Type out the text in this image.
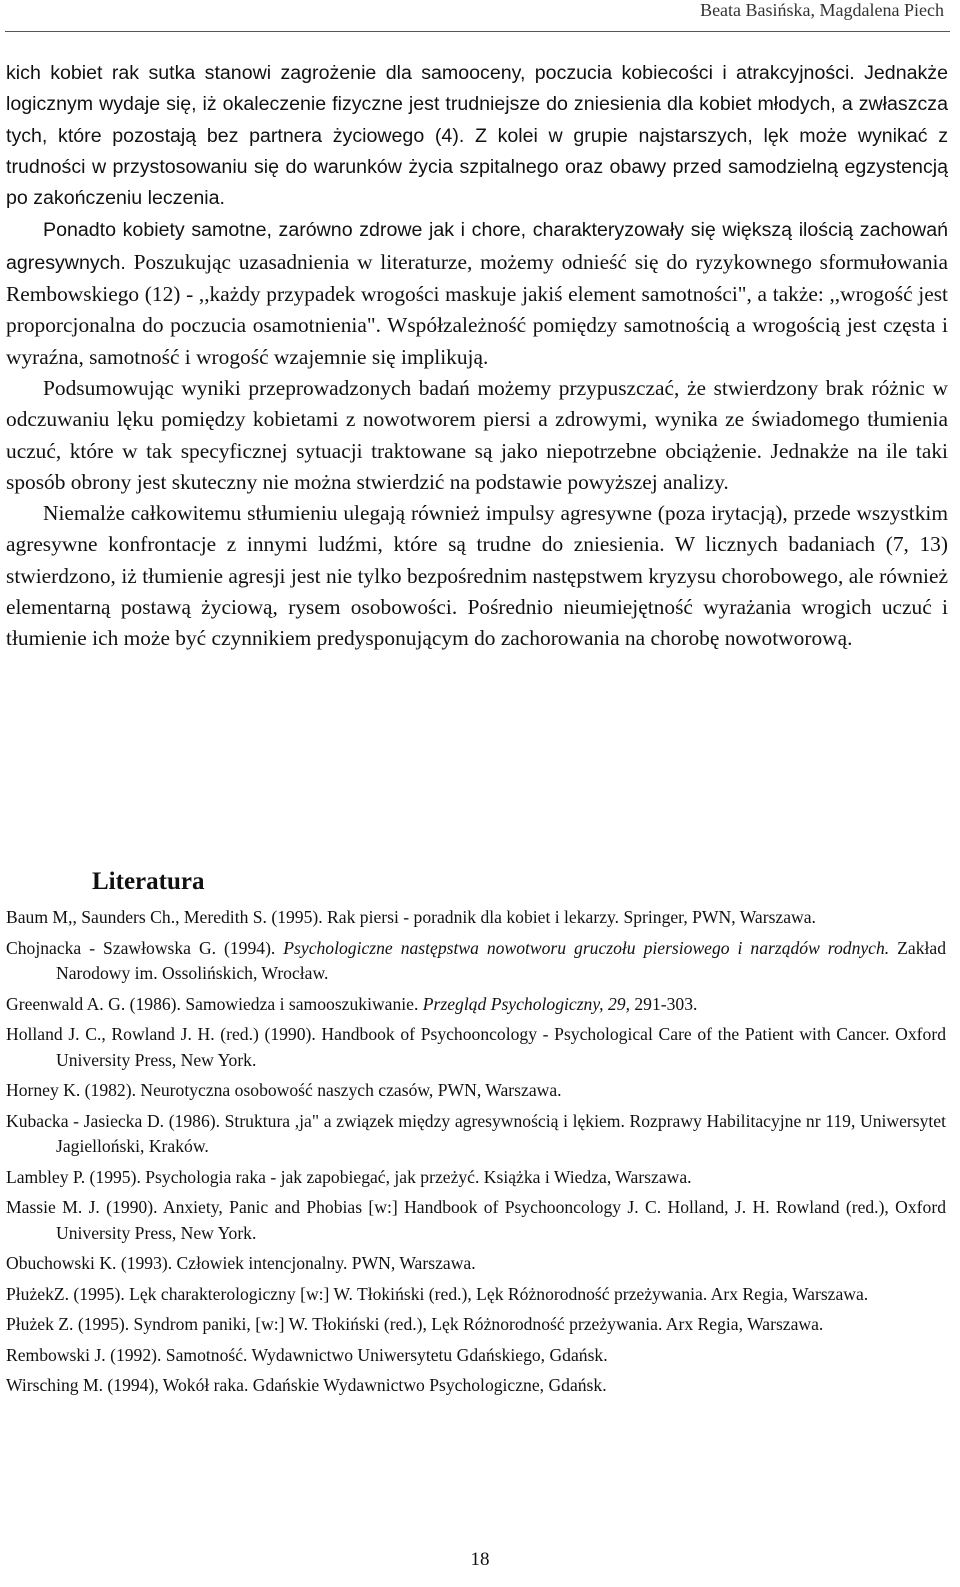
Beata Basińska, Magdalena Piech

kich kobiet rak sutka stanowi zagrożenie dla samooceny, poczucia kobiecości i atrakcyjności. Jednakże logicznym wydaje się, iż okaleczenie fizyczne jest trudniejsze do zniesienia dla kobiet młodych, a zwłaszcza tych, które pozostają bez partnera życiowego (4). Z kolei w grupie najstarszych, lęk może wynikać z trudności w przystosowaniu się do warunków życia szpitalnego oraz obawy przed samodzielną egzystencją po zakończeniu leczenia.

Ponadto kobiety samotne, zarówno zdrowe jak i chore, charakteryzowały się większą ilością zachowań agresywnych. Poszukując uzasadnienia w literaturze, możemy odnieść się do ryzykownego sformułowania Rembowskiego (12) - ,,każdy przypadek wrogości maskuje jakiś element samotności", a także: ,,wrogość jest proporcjonalna do poczucia osamotnienia". Współzależność pomiędzy samotnością a wrogością jest częsta i wyraźna, samotność i wrogość wzajemnie się implikują.

Podsumowując wyniki przeprowadzonych badań możemy przypuszczać, że stwierdzony brak różnic w odczuwaniu lęku pomiędzy kobietami z nowotworem piersi a zdrowymi, wynika ze świadomego tłumienia uczuć, które w tak specyficznej sytuacji traktowane są jako niepotrzebne obciążenie. Jednakże na ile taki sposób obrony jest skuteczny nie można stwierdzić na podstawie powyższej analizy.

Niemalże całkowitemu stłumieniu ulegają również impulsy agresywne (poza irytacją), przede wszystkim agresywne konfrontacje z innymi ludźmi, które są trudne do zniesienia. W licznych badaniach (7, 13) stwierdzono, iż tłumienie agresji jest nie tylko bezpośrednim następstwem kryzysu chorobowego, ale również elementarną postawą życiową, rysem osobowości. Pośrednio nieumiejętność wyrażania wrogich uczuć i tłumienie ich może być czynnikiem predysponującym do zachorowania na chorobę nowotworową.

Literatura
Baum M,, Saunders Ch., Meredith S. (1995). Rak piersi - poradnik dla kobiet i lekarzy. Springer, PWN, Warszawa.
Chojnacka - Szawłowska G. (1994). Psychologiczne następstwa nowotworu gruczołu piersiowego i narządów rodnych. Zakład Narodowy im. Ossolińskich, Wrocław.
Greenwald A. G. (1986). Samowiedza i samooszukiwanie. Przegląd Psychologiczny, 29, 291-303.
Holland J. C., Rowland J. H. (red.) (1990). Handbook of Psychooncology - Psychological Care of the Patient with Cancer. Oxford University Press, New York.
Horney K. (1982). Neurotyczna osobowość naszych czasów, PWN, Warszawa.
Kubacka - Jasiecka D. (1986). Struktura ,ja" a związek między agresywnością i lękiem. Rozprawy Habilitacyjne nr 119, Uniwersytet Jagielloński, Kraków.
Lambley P. (1995). Psychologia raka - jak zapobiegać, jak przeżyć. Książka i Wiedza, Warszawa.
Massie M. J. (1990). Anxiety, Panic and Phobias [w:] Handbook of Psychooncology J. C. Holland, J. H. Rowland (red.), Oxford University Press, New York.
Obuchowski K. (1993). Człowiek intencjonalny. PWN, Warszawa.
PłużekZ. (1995). Lęk charakterologiczny [w:] W. Tłokiński (red.), Lęk Różnorodność przeżywania. Arx Regia, Warszawa.
Płużek Z. (1995). Syndrom paniki, [w:] W. Tłokiński (red.), Lęk Różnorodność przeżywania. Arx Regia, Warszawa.
Rembowski J. (1992). Samotność. Wydawnictwo Uniwersytetu Gdańskiego, Gdańsk.
Wirsching M. (1994), Wokół raka. Gdańskie Wydawnictwo Psychologiczne, Gdańsk.
18
